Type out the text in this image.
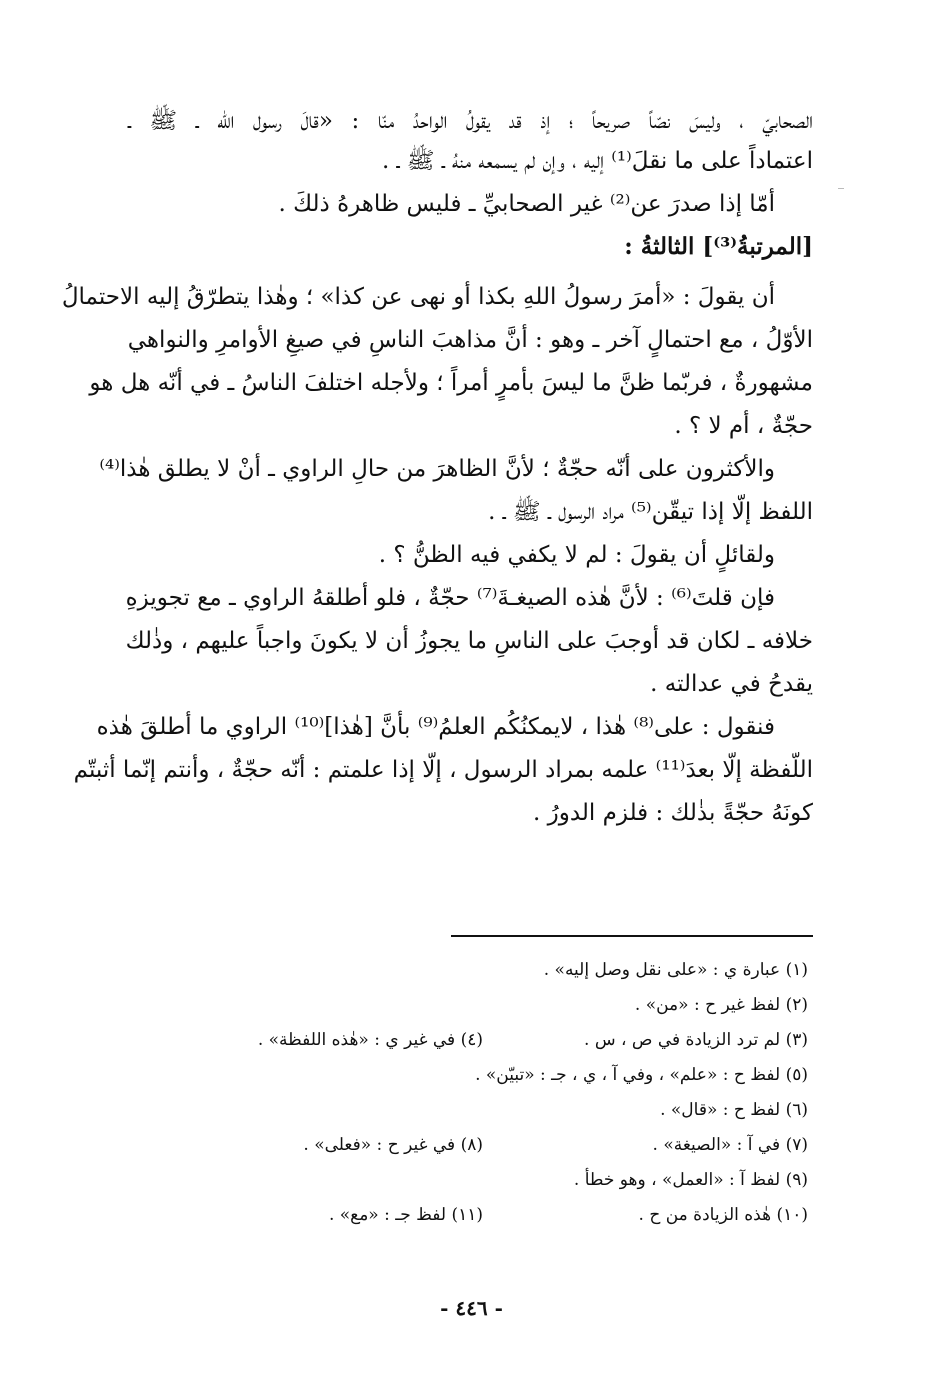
الصحابيّ ، وليسَ نصّاً صريحاً ؛ إذ قد يقولُ الواحدُ منّا : «قالَ رسول الله ـ ﷺ ـ
اعتماداً على ما نقلَ⁽¹⁾ إليه ، وإن لم يسمعه منهُ ـ ﷺ ـ .
أمّا إذا صدرَ عن⁽²⁾ غير الصحابيِّ ـ فليس ظاهرهُ ذلكَ .
[المرتبةُ⁽³⁾] الثالثةُ :
أن يقولَ : «أمرَ رسولُ اللهِ بكذا أو نهى عن كذا» ؛ وهٰذا يتطرّقُ إليه الاحتمالُ
الأوّلُ ، مع احتمالٍ آخر ـ وهو : أنَّ مذاهبَ الناسِ في صيغِ الأوامرِ والنواهي
مشهورةٌ ، فربّما ظنَّ ما ليسَ بأمرٍ أمراً ؛ ولأجله اختلفَ الناسُ ـ في أنّه هل هو
حجّةٌ ، أم لا ؟ .
والأكثرون على أنّه حجّةٌ ؛ لأنَّ الظاهرَ من حالِ الراوي ـ أنْ لا يطلق هٰذا⁽⁴⁾
اللفظ إلّا إذا تيقّن⁽⁵⁾ مراد الرسول ـ ﷺ ـ .
ولقائلٍ أن يقولَ : لم لا يكفي فيه الظنُّ ؟ .
فإن قلتَ⁽⁶⁾ : لأنَّ هٰذه الصيغـةَ⁽⁷⁾ حجّةٌ ، فلو أطلقهُ الراوي ـ مع تجويزهِ
خلافه ـ لكان قد أوجبَ على الناسِ ما يجوزُ أن لا يكونَ واجباً عليهم ، وذٰلك
يقدحُ في عدالته .
فنقول : على⁽⁸⁾ هٰذا ، لايمكنُكُم العلمُ⁽⁹⁾ بأنَّ [هٰذا]⁽¹⁰⁾ الراوي ما أطلقَ هٰذه
اللّفظة إلّا بعدَ⁽¹¹⁾ علمه بمراد الرسول ، إلّا إذا علمتم : أنّه حجّةٌ ، وأنتم إنّما أثبتّم
كونَهُ حجّةً بذٰلك : فلزم الدورُ .
(١) عبارة ي : «على نقل وصل إليه» .
(٢) لفظ غير ح : «من» .
(٣) لم ترد الزيادة في ص ، س .
(٤) في غير ي : «هٰذه اللفظة» .
(٥) لفظ ح : «علم» ، وفي آ ، ي ، جـ : «تبيّن» .
(٦) لفظ ح : «قال» .
(٧) في آ : «الصيغة» .
(٨) في غير ح : «فعلى» .
(٩) لفظ آ : «العمل» ، وهو خطأ .
(١٠) هٰذه الزيادة من ح .
(١١) لفظ جـ : «مع» .
- ٤٤٦ -
